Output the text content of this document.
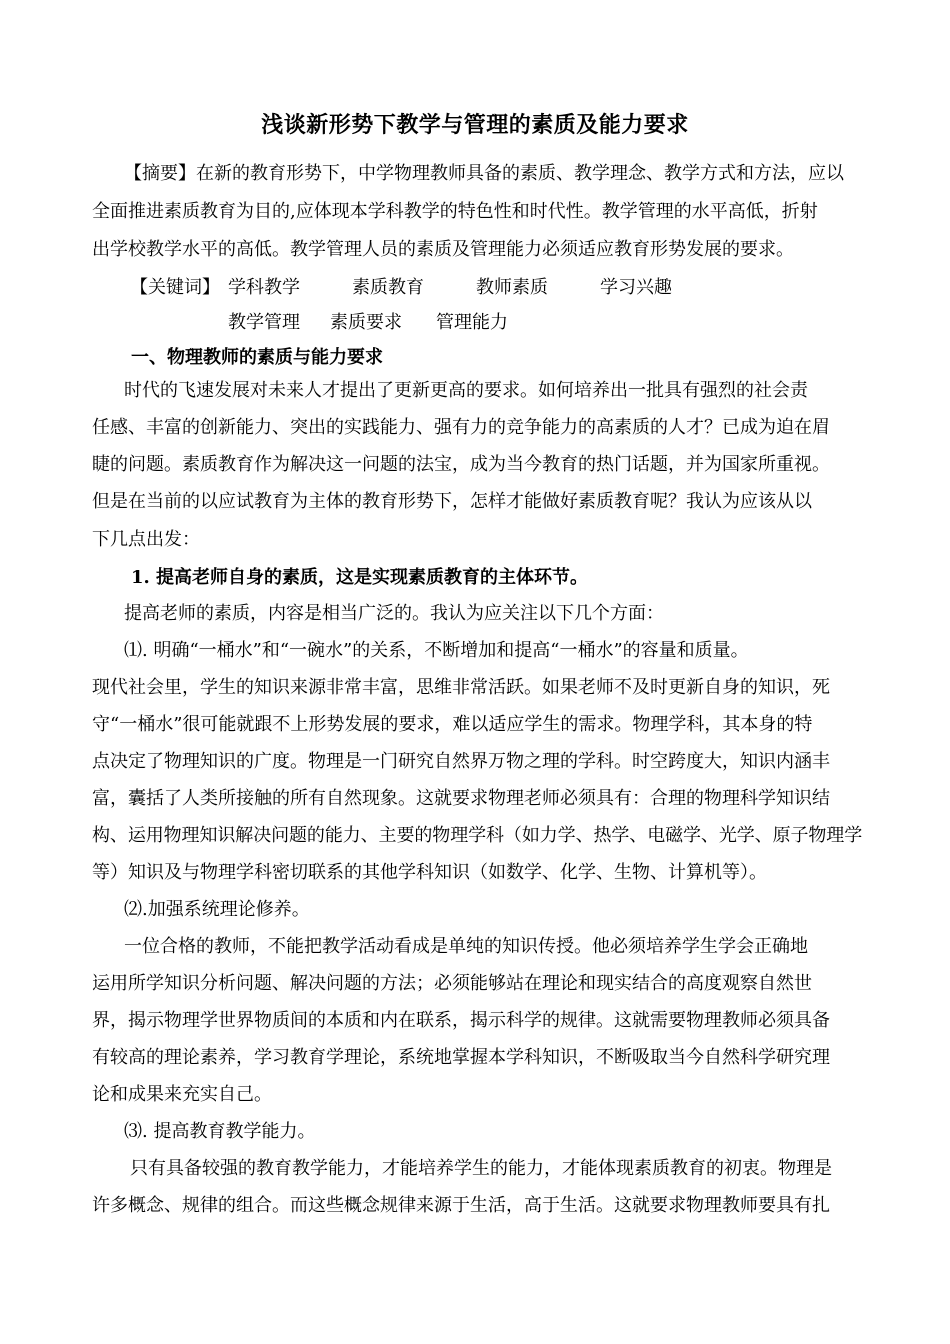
浅谈新形势下教学与管理的素质及能力要求
【摘要】在新的教育形势下，中学物理教师具备的素质、教学理念、教学方式和方法，应以
全面推进素质教育为目的,应体现本学科教学的特色性和时代性。教学管理的水平高低，折射
出学校教学水平的高低。教学管理人员的素质及管理能力必须适应教育形势发展的要求。
【关键词】 学科教学	素质教育	教师素质	学习兴趣
教学管理 素质要求 管理能力
一、物理教师的素质与能力要求
时代的飞速发展对未来人才提出了更新更高的要求。如何培养出一批具有强烈的社会责
任感、丰富的创新能力、突出的实践能力、强有力的竞争能力的高素质的人才？已成为迫在眉
睫的问题。素质教育作为解决这一问题的法宝，成为当今教育的热门话题，并为国家所重视。
但是在当前的以应试教育为主体的教育形势下，怎样才能做好素质教育呢？我认为应该从以
下几点出发：
1. 提高老师自身的素质，这是实现素质教育的主体环节。
提高老师的素质，内容是相当广泛的。我认为应关注以下几个方面：
⑴. 明确“一桶水”和“一碗水”的关系，不断增加和提高“一桶水”的容量和质量。
现代社会里，学生的知识来源非常丰富，思维非常活跃。如果老师不及时更新自身的知识，死
守“一桶水”很可能就跟不上形势发展的要求，难以适应学生的需求。物理学科，其本身的特
点决定了物理知识的广度。物理是一门研究自然界万物之理的学科。时空跨度大，知识内涵丰
富，囊括了人类所接触的所有自然现象。这就要求物理老师必须具有：合理的物理科学知识结
构、运用物理知识解决问题的能力、主要的物理学科（如力学、热学、电磁学、光学、原子物理学
等）知识及与物理学科密切联系的其他学科知识（如数学、化学、生物、计算机等）。
⑵.加强系统理论修养。
一位合格的教师，不能把教学活动看成是单纯的知识传授。他必须培养学生学会正确地
运用所学知识分析问题、解决问题的方法；必须能够站在理论和现实结合的高度观察自然世
界，揭示物理学世界物质间的本质和内在联系，揭示科学的规律。这就需要物理教师必须具备
有较高的理论素养，学习教育学理论，系统地掌握本学科知识，不断吸取当今自然科学研究理
论和成果来充实自己。
⑶. 提高教育教学能力。
只有具备较强的教育教学能力，才能培养学生的能力，才能体现素质教育的初衷。物理是
许多概念、规律的组合。而这些概念规律来源于生活，高于生活。这就要求物理教师要具有扎
